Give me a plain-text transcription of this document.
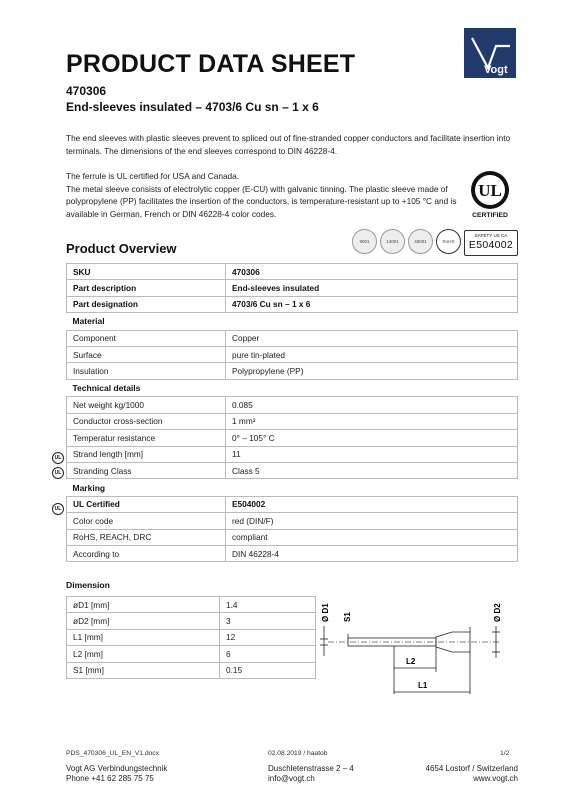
Vogt
PRODUCT DATA SHEET
470306
End-sleeves insulated – 4703/6 Cu sn – 1 x 6
The end sleeves with plastic sleeves prevent to spliced out of fine-stranded copper conductors and facilitate insertion into terminals. The dimensions of the end sleeves correspond to DIN 46228-4.
The ferrule is UL certified for USA and Canada.
The metal sleeve consists of electrolytic copper (E-CU) with galvanic tinning. The plastic sleeve made of polypropylene (PP) facilitates the insertion of the conductors, is temperature-resistant up to +105 °C and is available in German, French or DIN 46228-4 color codes.
UL
CERTIFIED
SAFETY US CA
E504002
9001	14001	45001	RoHS
Product Overview
SKU	470306
Part description	End-sleeves insulated
Part designation	4703/6 Cu sn – 1 x 6
Material	
Component	Copper
Surface	pure tin-plated
Insulation	Polypropylene (PP)
Technical details	
Net weight kg/1000	0.085
Conductor cross-section	1 mm²
Temperatur resistance	0° – 105° C
Strand length [mm]	11
Stranding Class	Class 5
Marking	
UL Certified	E504002
Color code	red (DIN/F)
RoHS, REACH, DRC	compliant
According to	DIN 46228-4
UL
UL
UL
Dimension
øD1 [mm]	1.4
øD2 [mm]	3
L1 [mm]	12
L2 [mm]	6
S1 [mm]	0.15
Ø D1 S1	Ø D2
L2
L1
PDS_470306_UL_EN_V1.docx	02.08.2019 / haatob	1/2
Vogt AG Verbindungstechnik
Phone +41 62 285 75 75
Duschletenstrasse 2 – 4
info@vogt.ch
4654 Lostorf / Switzerland
www.vogt.ch
